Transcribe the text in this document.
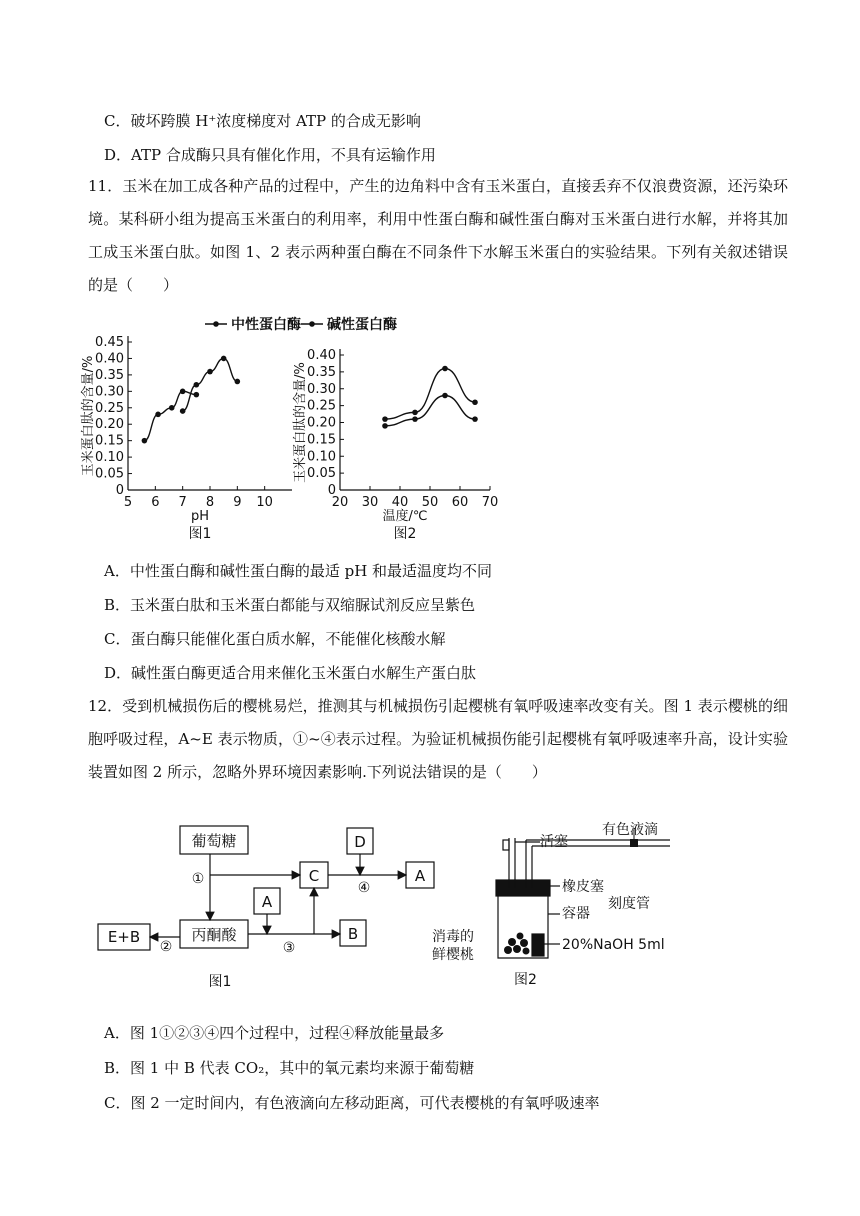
C．破坏跨膜 H⁺浓度梯度对 ATP 的合成无影响
D．ATP 合成酶只具有催化作用，不具有运输作用
11．玉米在加工成各种产品的过程中，产生的边角料中含有玉米蛋白，直接丢弃不仅浪费资源，还污染环境。某科研小组为提高玉米蛋白的利用率，利用中性蛋白酶和碱性蛋白酶对玉米蛋白进行水解，并将其加工成玉米蛋白肽。如图 1、2 表示两种蛋白酶在不同条件下水解玉米蛋白的实验结果。下列有关叙述错误的是（　　）
5 6 7 8 9 10
0
0.05
0.10
0.15
0.20
0.25
0.30
0.35
0.40
0.45
pH
玉米蛋白肽的含量/%
图1
中性蛋白酶 碱性蛋白酶
20 30 40 50 60 70
0
0.05
0.10
0.15
0.20
0.25
0.30
0.35
0.40
温度/℃
玉米蛋白肽的含量/%
图2
A．中性蛋白酶和碱性蛋白酶的最适 pH 和最适温度均不同
B．玉米蛋白肽和玉米蛋白都能与双缩脲试剂反应呈紫色
C．蛋白酶只能催化蛋白质水解，不能催化核酸水解
D．碱性蛋白酶更适合用来催化玉米蛋白水解生产蛋白肽
12．受到机械损伤后的樱桃易烂，推测其与机械损伤引起樱桃有氧呼吸速率改变有关。图 1 表示樱桃的细胞呼吸过程，A~E 表示物质，①~④表示过程。为验证机械损伤能引起樱桃有氧呼吸速率升高，设计实验装置如图 2 所示，忽略外界环境因素影响.下列说法错误的是（　　）
葡萄糖
C
D
A
A
丙酮酸
E+B	B
①
②	③
④
图1
活塞
有色液滴
橡皮塞
刻度管
容器
20%NaOH 5ml
消毒的
鲜樱桃
图2
A．图 1①②③④四个过程中，过程④释放能量最多
B．图 1 中 B 代表 CO₂，其中的氧元素均来源于葡萄糖
C．图 2 一定时间内，有色液滴向左移动距离，可代表樱桃的有氧呼吸速率
